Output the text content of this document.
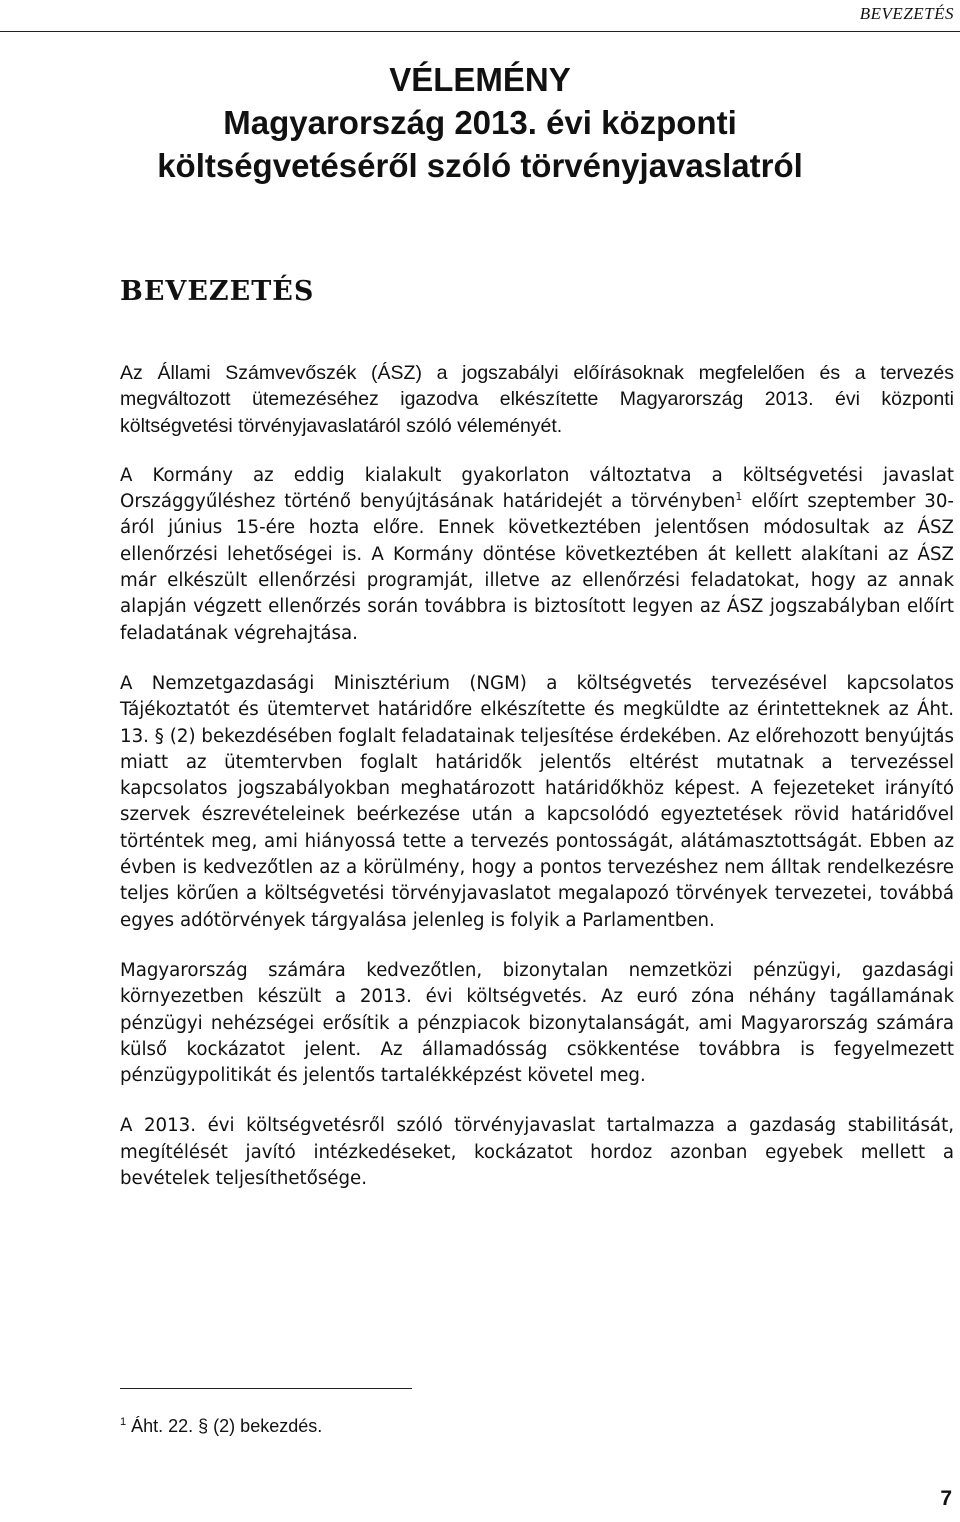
BEVEZETÉS
VÉLEMÉNY
Magyarország 2013. évi központi
költségvetéséről szóló törvényjavaslatról
BEVEZETÉS

Az Állami Számvevőszék (ÁSZ) a jogszabályi előírásoknak megfelelően és a tervezés megváltozott ütemezéséhez igazodva elkészítette Magyarország 2013. évi központi költségvetési törvényjavaslatáról szóló véleményét.

A Kormány az eddig kialakult gyakorlaton változtatva a költségvetési javaslat Országgyűléshez történő benyújtásának határidejét a törvényben$^1$ előírt szeptember 30-áról június 15-ére hozta előre. Ennek következtében jelentősen módosultak az ÁSZ ellenőrzési lehetőségei is. A Kormány döntése következtében át kellett alakítani az ÁSZ már elkészült ellenőrzési programját, illetve az ellenőrzési feladatokat, hogy az annak alapján végzett ellenőrzés során továbbra is biztosított legyen az ÁSZ jogszabályban előírt feladatának végrehajtása.

A Nemzetgazdasági Minisztérium (NGM) a költségvetés tervezésével kapcsolatos Tájékoztatót és ütemtervet határidőre elkészítette és megküldte az érintetteknek az Áht. 13. § (2) bekezdésében foglalt feladatainak teljesítése érdekében. Az előrehozott benyújtás miatt az ütemtervben foglalt határidők jelentős eltérést mutatnak a tervezéssel kapcsolatos jogszabályokban meghatározott határidőkhöz képest. A fejezeteket irányító szervek észrevételeinek beérkezése után a kapcsolódó egyeztetések rövid határidővel történtek meg, ami hiányossá tette a tervezés pontosságát, alátámasztottságát. Ebben az évben is kedvezőtlen az a körülmény, hogy a pontos tervezéshez nem álltak rendelkezésre teljes körűen a költségvetési törvényjavaslatot megalapozó törvények tervezetei, továbbá egyes adótörvények tárgyalása jelenleg is folyik a Parlamentben.

Magyarország számára kedvezőtlen, bizonytalan nemzetközi pénzügyi, gazdasági környezetben készült a 2013. évi költségvetés. Az euró zóna néhány tagállamának pénzügyi nehézségei erősítik a pénzpiacok bizonytalanságát, ami Magyarország számára külső kockázatot jelent. Az államadósság csökkentése továbbra is fegyelmezett pénzügypolitikát és jelentős tartalékképzést követel meg.

A 2013. évi költségvetésről szóló törvényjavaslat tartalmazza a gazdaság stabilitását, megítélését javító intézkedéseket, kockázatot hordoz azonban egyebek mellett a bevételek teljesíthetősége.

$^1$ Áht. 22. § (2) bekezdés.
7
